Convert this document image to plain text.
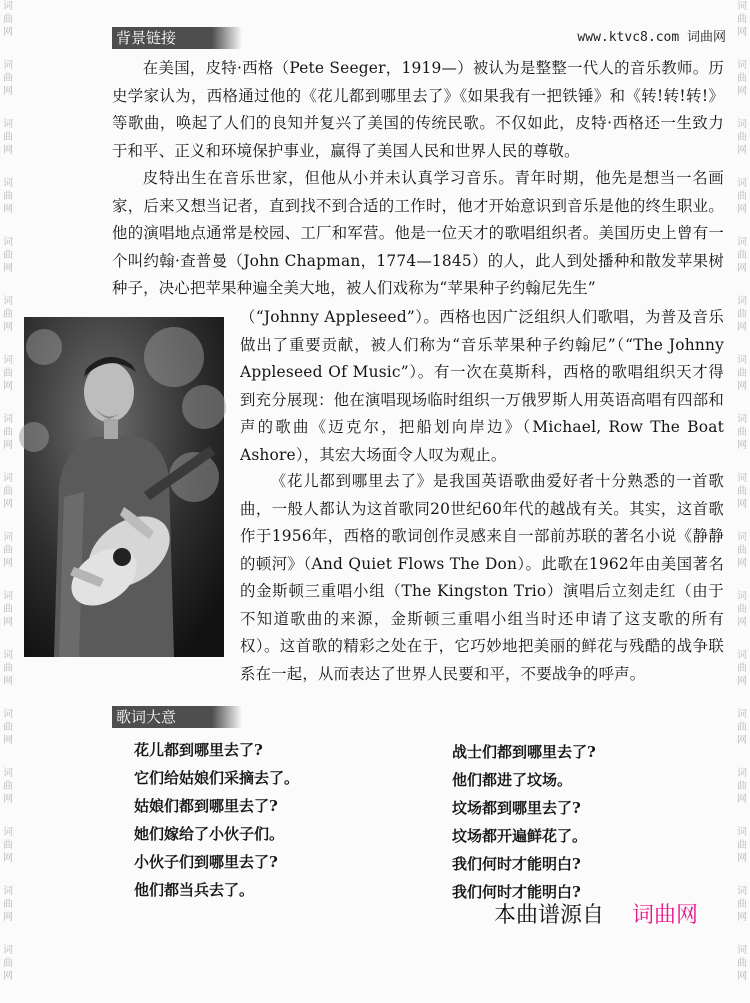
词
曲
网
词
曲
网
词
曲
网
词
曲
网
词
曲
网
词
曲
网
词
曲
网
词
曲
网
词
曲
网
词
曲
网
词
曲
网
词
曲
网
词
曲
网
词
曲
网
词
曲
网
词
曲
网
词
曲
网
词
曲
网
词
曲
网
词
曲
网
词
曲
网
词
曲
网
词
曲
网
词
曲
网
词
曲
网
词
曲
网
词
曲
网
词
曲
网
词
曲
网
词
曲
网
词
曲
网
词
曲
网
词
曲
网
词
曲
网
背景链接	www.ktvc8.com 词曲网

在美国，皮特·西格（Pete Seeger，1919—）被认为是整整一代人的音乐教师。历史学家认为，西格通过他的《花儿都到哪里去了》《如果我有一把铁锤》和《转!转!转!》等歌曲，唤起了人们的良知并复兴了美国的传统民歌。不仅如此，皮特·西格还一生致力于和平、正义和环境保护事业，赢得了美国人民和世界人民的尊敬。

皮特出生在音乐世家，但他从小并未认真学习音乐。青年时期，他先是想当一名画家，后来又想当记者，直到找不到合适的工作时，他才开始意识到音乐是他的终生职业。他的演唱地点通常是校园、工厂和军营。他是一位天才的歌唱组织者。美国历史上曾有一个叫约翰·查普曼（John Chapman，1774—1845）的人，此人到处播种和散发苹果树种子，决心把苹果种遍全美大地，被人们戏称为“苹果种子约翰尼先生”

（“Johnny Appleseed”）。西格也因广泛组织人们歌唱，为普及音乐做出了重要贡献，被人们称为“音乐苹果种子约翰尼”（“The Johnny Appleseed Of Music”）。有一次在莫斯科，西格的歌唱组织天才得到充分展现：他在演唱现场临时组织一万俄罗斯人用英语高唱有四部和声的歌曲《迈克尔，把船划向岸边》（Michael, Row The Boat Ashore），其宏大场面令人叹为观止。

《花儿都到哪里去了》是我国英语歌曲爱好者十分熟悉的一首歌曲，一般人都认为这首歌同20世纪60年代的越战有关。其实，这首歌作于1956年，西格的歌词创作灵感来自一部前苏联的著名小说《静静的顿河》（And Quiet Flows The Don）。此歌在1962年由美国著名的金斯顿三重唱小组（The Kingston Trio）演唱后立刻走红（由于不知道歌曲的来源，金斯顿三重唱小组当时还申请了这支歌的所有权）。这首歌的精彩之处在于，它巧妙地把美丽的鲜花与残酷的战争联系在一起，从而表达了世界人民要和平，不要战争的呼声。

歌词大意
花儿都到哪里去了?
它们给姑娘们采摘去了。
姑娘们都到哪里去了?
她们嫁给了小伙子们。
小伙子们到哪里去了?
他们都当兵去了。
战士们都到哪里去了?
他们都进了坟场。
坟场都到哪里去了?
坟场都开遍鲜花了。
我们何时才能明白?
我们何时才能明白?
本曲谱源自 词曲网
